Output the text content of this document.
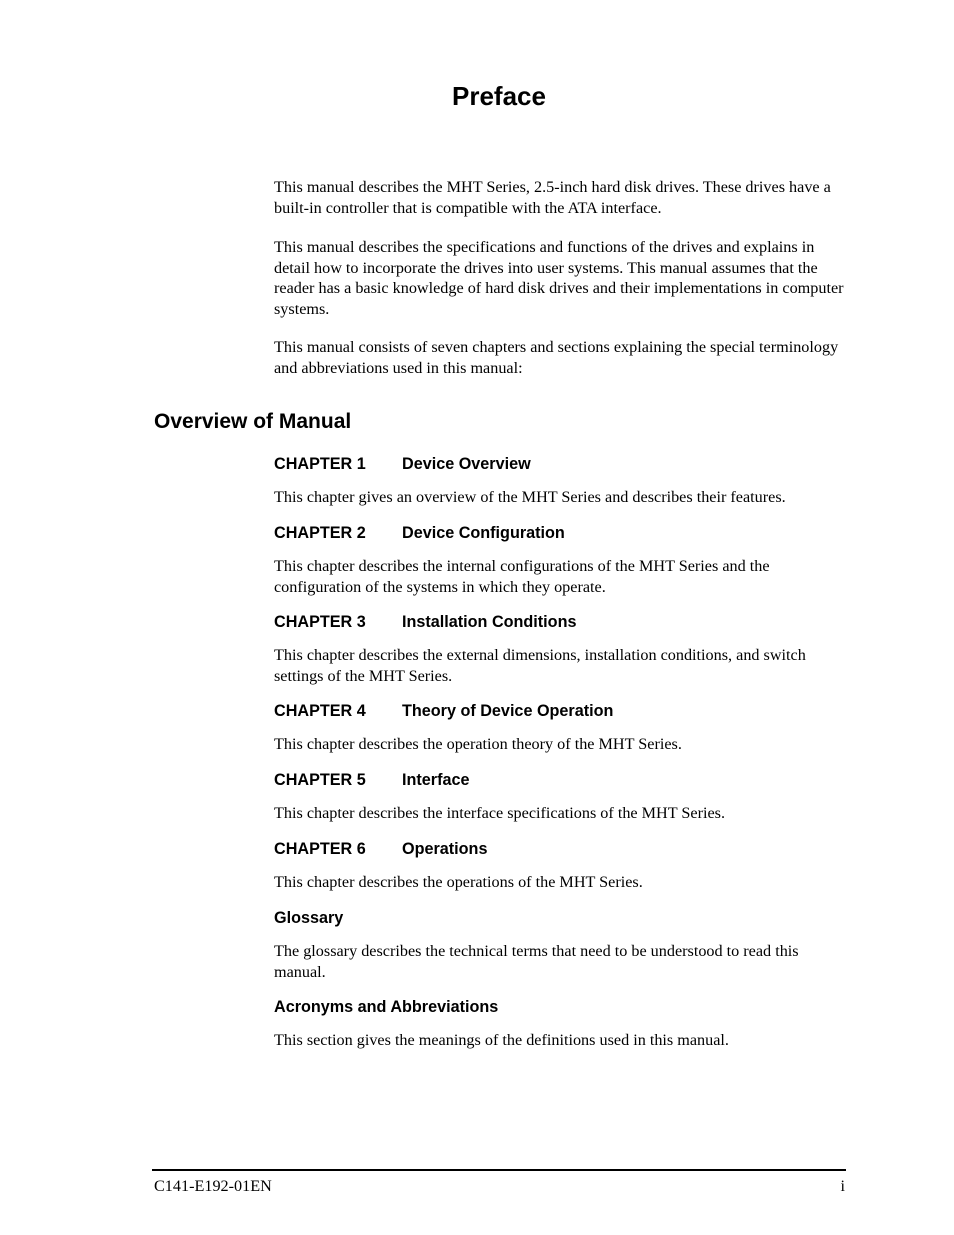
Preface

This manual describes the MHT Series, 2.5-inch hard disk drives. These drives have a built-in controller that is compatible with the ATA interface.

This manual describes the specifications and functions of the drives and explains in detail how to incorporate the drives into user systems. This manual assumes that the reader has a basic knowledge of hard disk drives and their implementations in computer systems.

This manual consists of seven chapters and sections explaining the special terminology and abbreviations used in this manual:

Overview of Manual
CHAPTER 1 Device Overview

This chapter gives an overview of the MHT Series and describes their features.

CHAPTER 2 Device Configuration

This chapter describes the internal configurations of the MHT Series and the configuration of the systems in which they operate.

CHAPTER 3 Installation Conditions

This chapter describes the external dimensions, installation conditions, and switch settings of the MHT Series.

CHAPTER 4 Theory of Device Operation

This chapter describes the operation theory of the MHT Series.

CHAPTER 5 Interface

This chapter describes the interface specifications of the MHT Series.

CHAPTER 6 Operations

This chapter describes the operations of the MHT Series.

Glossary

The glossary describes the technical terms that need to be understood to read this manual.

Acronyms and Abbreviations

This section gives the meanings of the definitions used in this manual.

C141-E192-01EN	i
